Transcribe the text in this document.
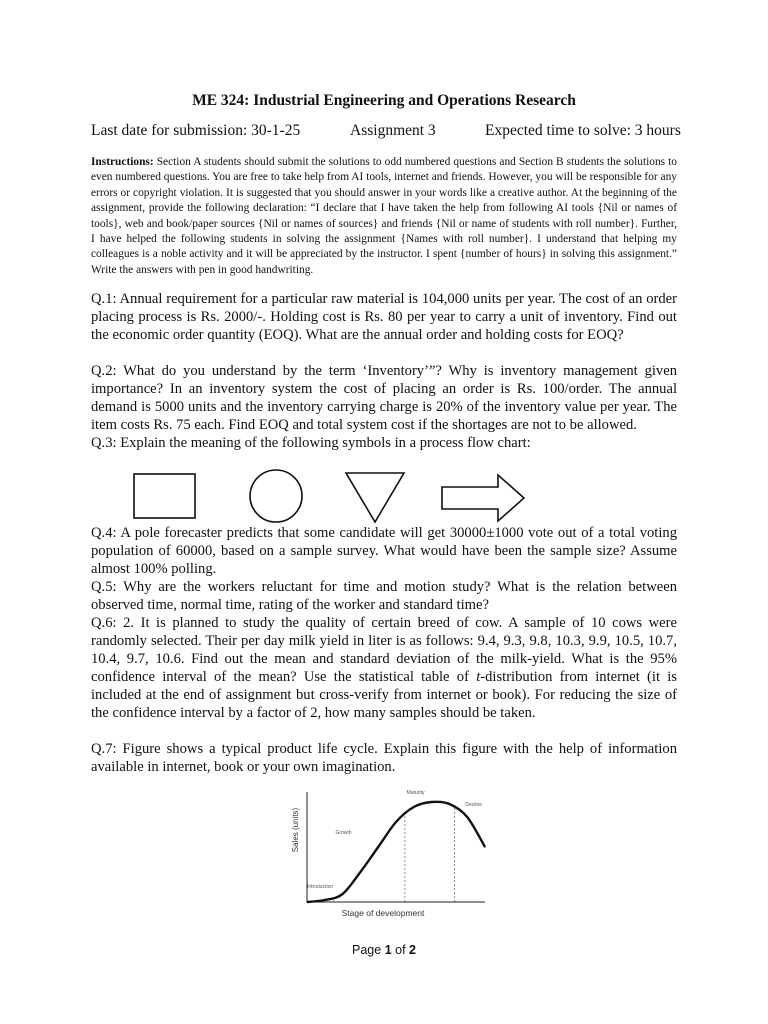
ME 324: Industrial Engineering and Operations Research
Last date for submission: 30-1-25	Assignment 3	Expected time to solve: 3 hours
Instructions: Section A students should submit the solutions to odd numbered questions and Section B students the solutions to even numbered questions. You are free to take help from AI tools, internet and friends. However, you will be responsible for any errors or copyright violation. It is suggested that you should answer in your words like a creative author. At the beginning of the assignment, provide the following declaration: “I declare that I have taken the help from following AI tools {Nil or names of tools}, web and book/paper sources {Nil or names of sources} and friends {Nil or name of students with roll number}. Further, I have helped the following students in solving the assignment {Names with roll number}. I understand that helping my colleagues is a noble activity and it will be appreciated by the instructor. I spent {number of hours} in solving this assignment.” Write the answers with pen in good handwriting.

Q.1: Annual requirement for a particular raw material is 104,000 units per year. The cost of an order placing process is Rs. 2000/-. Holding cost is Rs. 80 per year to carry a unit of inventory. Find out the economic order quantity (EOQ). What are the annual order and holding costs for EOQ?

Q.2: What do you understand by the term ‘Inventory’”? Why is inventory management given importance? In an inventory system the cost of placing an order is Rs. 100/order. The annual demand is 5000 units and the inventory carrying charge is 20% of the inventory value per year. The item costs Rs. 75 each. Find EOQ and total system cost if the shortages are not to be allowed.

Q.3: Explain the meaning of the following symbols in a process flow chart:

Q.4: A pole forecaster predicts that some candidate will get 30000±1000 vote out of a total voting population of 60000, based on a sample survey. What would have been the sample size? Assume almost 100% polling.

Q.5: Why are the workers reluctant for time and motion study? What is the relation between observed time, normal time, rating of the worker and standard time?

Q.6: 2. It is planned to study the quality of certain breed of cow. A sample of 10 cows were randomly selected. Their per day milk yield in liter is as follows: 9.4, 9.3, 9.8, 10.3, 9.9, 10.5, 10.7, 10.4, 9.7, 10.6. Find out the mean and standard deviation of the milk-yield. What is the 95% confidence interval of the mean? Use the statistical table of t-distribution from internet (it is included at the end of assignment but cross-verify from internet or book). For reducing the size of the confidence interval by a factor of 2, how many samples should be taken.

Q.7: Figure shows a typical product life cycle. Explain this figure with the help of information available in internet, book or your own imagination.

Introduction
Growth
Maturity
Decline
Stage of development
Sales (units)
Page 1 of 2
